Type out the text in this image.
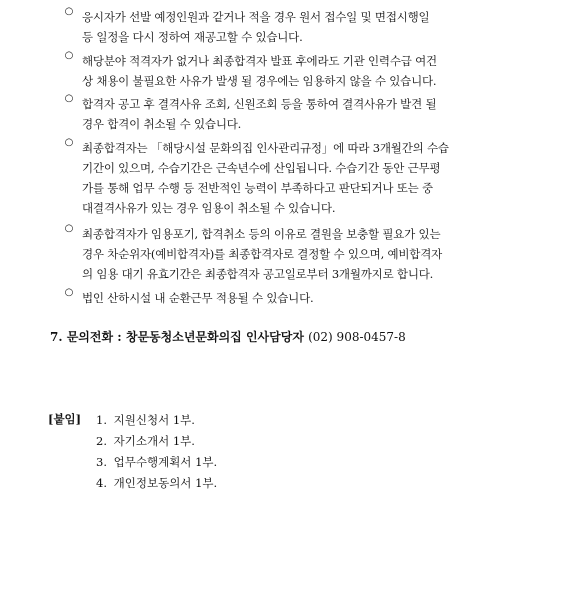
○ 응시자가 선발 예정인원과 같거나 적을 경우 원서 접수일 및 면접시행일
등 일정을 다시 정하여 재공고할 수 있습니다.
○ 해당분야 적격자가 없거나 최종합격자 발표 후에라도 기관 인력수급 여건
상 채용이 불필요한 사유가 발생 될 경우에는 임용하지 않을 수 있습니다.
○ 합격자 공고 후 결격사유 조회, 신원조회 등을 통하여 결격사유가 발견 될
경우 합격이 취소될 수 있습니다.
○ 최종합격자는 「해당시설 문화의집 인사관리규정」에 따라 3개월간의 수습
기간이 있으며, 수습기간은 근속년수에 산입됩니다. 수습기간 동안 근무평
가를 통해 업무 수행 등 전반적인 능력이 부족하다고 판단되거나 또는 중
대결격사유가 있는 경우 임용이 취소될 수 있습니다.
○ 최종합격자가 임용포기, 합격취소 등의 이유로 결원을 보충할 필요가 있는
경우 차순위자(예비합격자)를 최종합격자로 결정할 수 있으며, 예비합격자
의 임용 대기 유효기간은 최종합격자 공고일로부터 3개월까지로 합니다.
○ 법인 산하시설 내 순환근무 적용될 수 있습니다.
7. 문의전화 : 창문동청소년문화의집 인사담당자 (02) 908-0457-8
[붙임] 1. 지원신청서 1부.
2. 자기소개서 1부.
3. 업무수행계획서 1부.
4. 개인정보동의서 1부.
